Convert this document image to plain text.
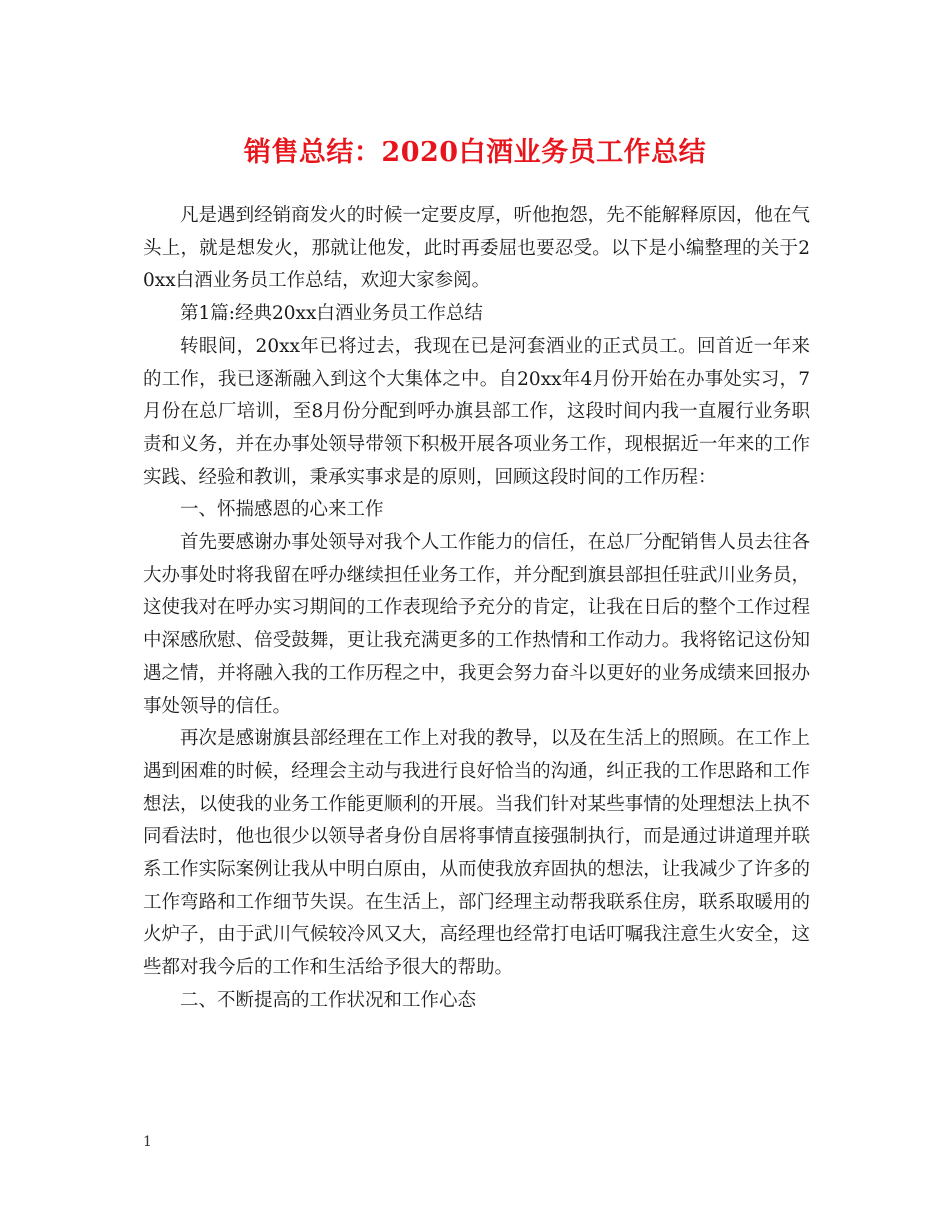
销售总结：2020白酒业务员工作总结

凡是遇到经销商发火的时候一定要皮厚，听他抱怨，先不能解释原因，他在气头上，就是想发火，那就让他发，此时再委屈也要忍受。以下是小编整理的关于20xx白酒业务员工作总结，欢迎大家参阅。

第1篇:经典20xx白酒业务员工作总结

转眼间，20xx年已将过去，我现在已是河套酒业的正式员工。回首近一年来的工作，我已逐渐融入到这个大集体之中。自20xx年4月份开始在办事处实习，7月份在总厂培训，至8月份分配到呼办旗县部工作，这段时间内我一直履行业务职责和义务，并在办事处领导带领下积极开展各项业务工作，现根据近一年来的工作实践、经验和教训，秉承实事求是的原则，回顾这段时间的工作历程：

一、怀揣感恩的心来工作

首先要感谢办事处领导对我个人工作能力的信任，在总厂分配销售人员去往各大办事处时将我留在呼办继续担任业务工作，并分配到旗县部担任驻武川业务员，这使我对在呼办实习期间的工作表现给予充分的肯定，让我在日后的整个工作过程中深感欣慰、倍受鼓舞，更让我充满更多的工作热情和工作动力。我将铭记这份知遇之情，并将融入我的工作历程之中，我更会努力奋斗以更好的业务成绩来回报办事处领导的信任。

再次是感谢旗县部经理在工作上对我的教导，以及在生活上的照顾。在工作上遇到困难的时候，经理会主动与我进行良好恰当的沟通，纠正我的工作思路和工作想法，以使我的业务工作能更顺利的开展。当我们针对某些事情的处理想法上执不同看法时，他也很少以领导者身份自居将事情直接强制执行，而是通过讲道理并联系工作实际案例让我从中明白原由，从而使我放弃固执的想法，让我减少了许多的工作弯路和工作细节失误。在生活上，部门经理主动帮我联系住房，联系取暖用的火炉子，由于武川气候较冷风又大，高经理也经常打电话叮嘱我注意生火安全，这些都对我今后的工作和生活给予很大的帮助。

二、不断提高的工作状况和工作心态

1
